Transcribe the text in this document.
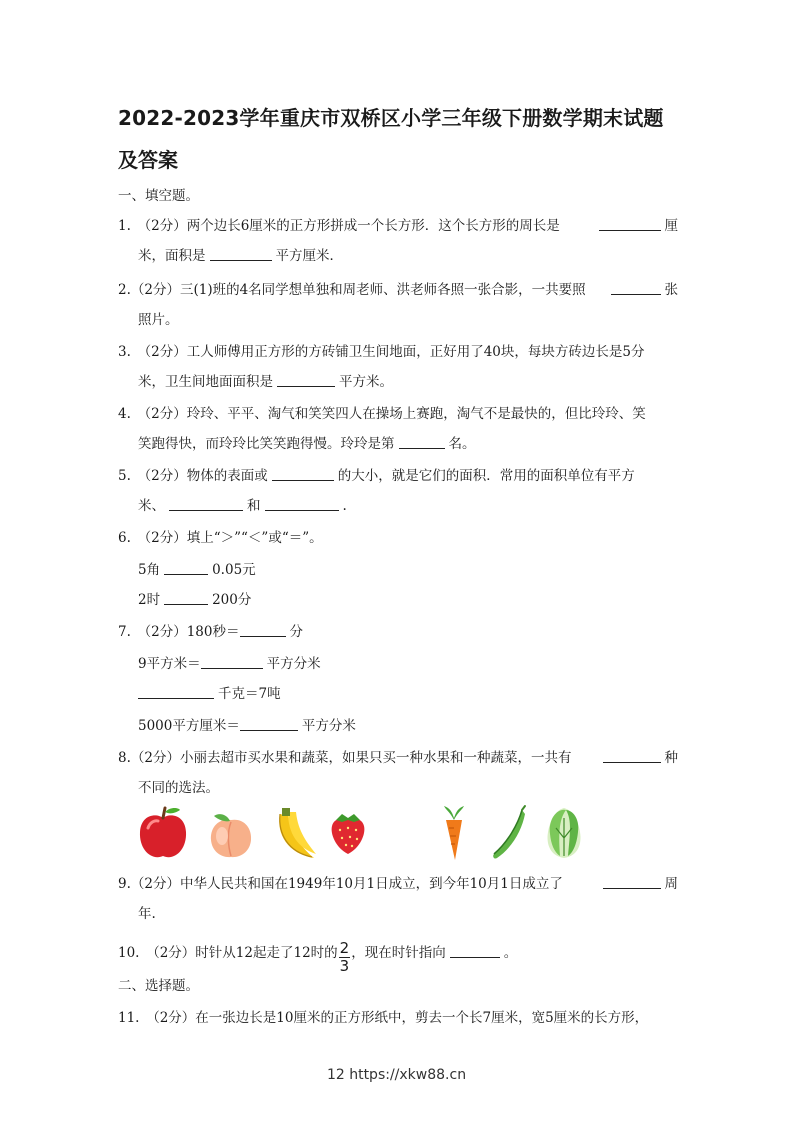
2022-2023学年重庆市双桥区小学三年级下册数学期末试题
及答案
一、填空题。
1.　（2分）两个边长6厘米的正方形拼成一个长方形．这个长方形的周长是	厘
米，面积是	平方厘米．
2.（2分）三(1)班的4名同学想单独和周老师、洪老师各照一张合影，一共要照	张
照片。
3.　（2分）工人师傅用正方形的方砖铺卫生间地面，正好用了40块，每块方砖边长是5分
米，卫生间地面面积是	平方米。
4.　（2分）玲玲、平平、淘气和笑笑四人在操场上赛跑，淘气不是最快的，但比玲玲、笑
笑跑得快，而玲玲比笑笑跑得慢。玲玲是第	名。
5.　（2分）物体的表面或	的大小，就是它们的面积．常用的面积单位有平方
米、	和	.
6.　（2分）填上“＞”“＜”或“＝”。
5角	0.05元
2时	200分
7.　（2分）180秒＝	分
9平方米＝	平方分米
千克＝7吨
5000平方厘米＝	平方分米
8.（2分）小丽去超市买水果和蔬菜，如果只买一种水果和一种蔬菜，一共有	种
不同的选法。
9.（2分）中华人民共和国在1949年10月1日成立，到今年10月1日成立了	周
年.
10.　（2分）时针从12起走了12时的 $\frac{2}{3}$ ，现在时针指向	。
二、选择题。
11.　（2分）在一张边长是10厘米的正方形纸中，剪去一个长7厘米，宽5厘米的长方形，
12 https://xkw88.cn
